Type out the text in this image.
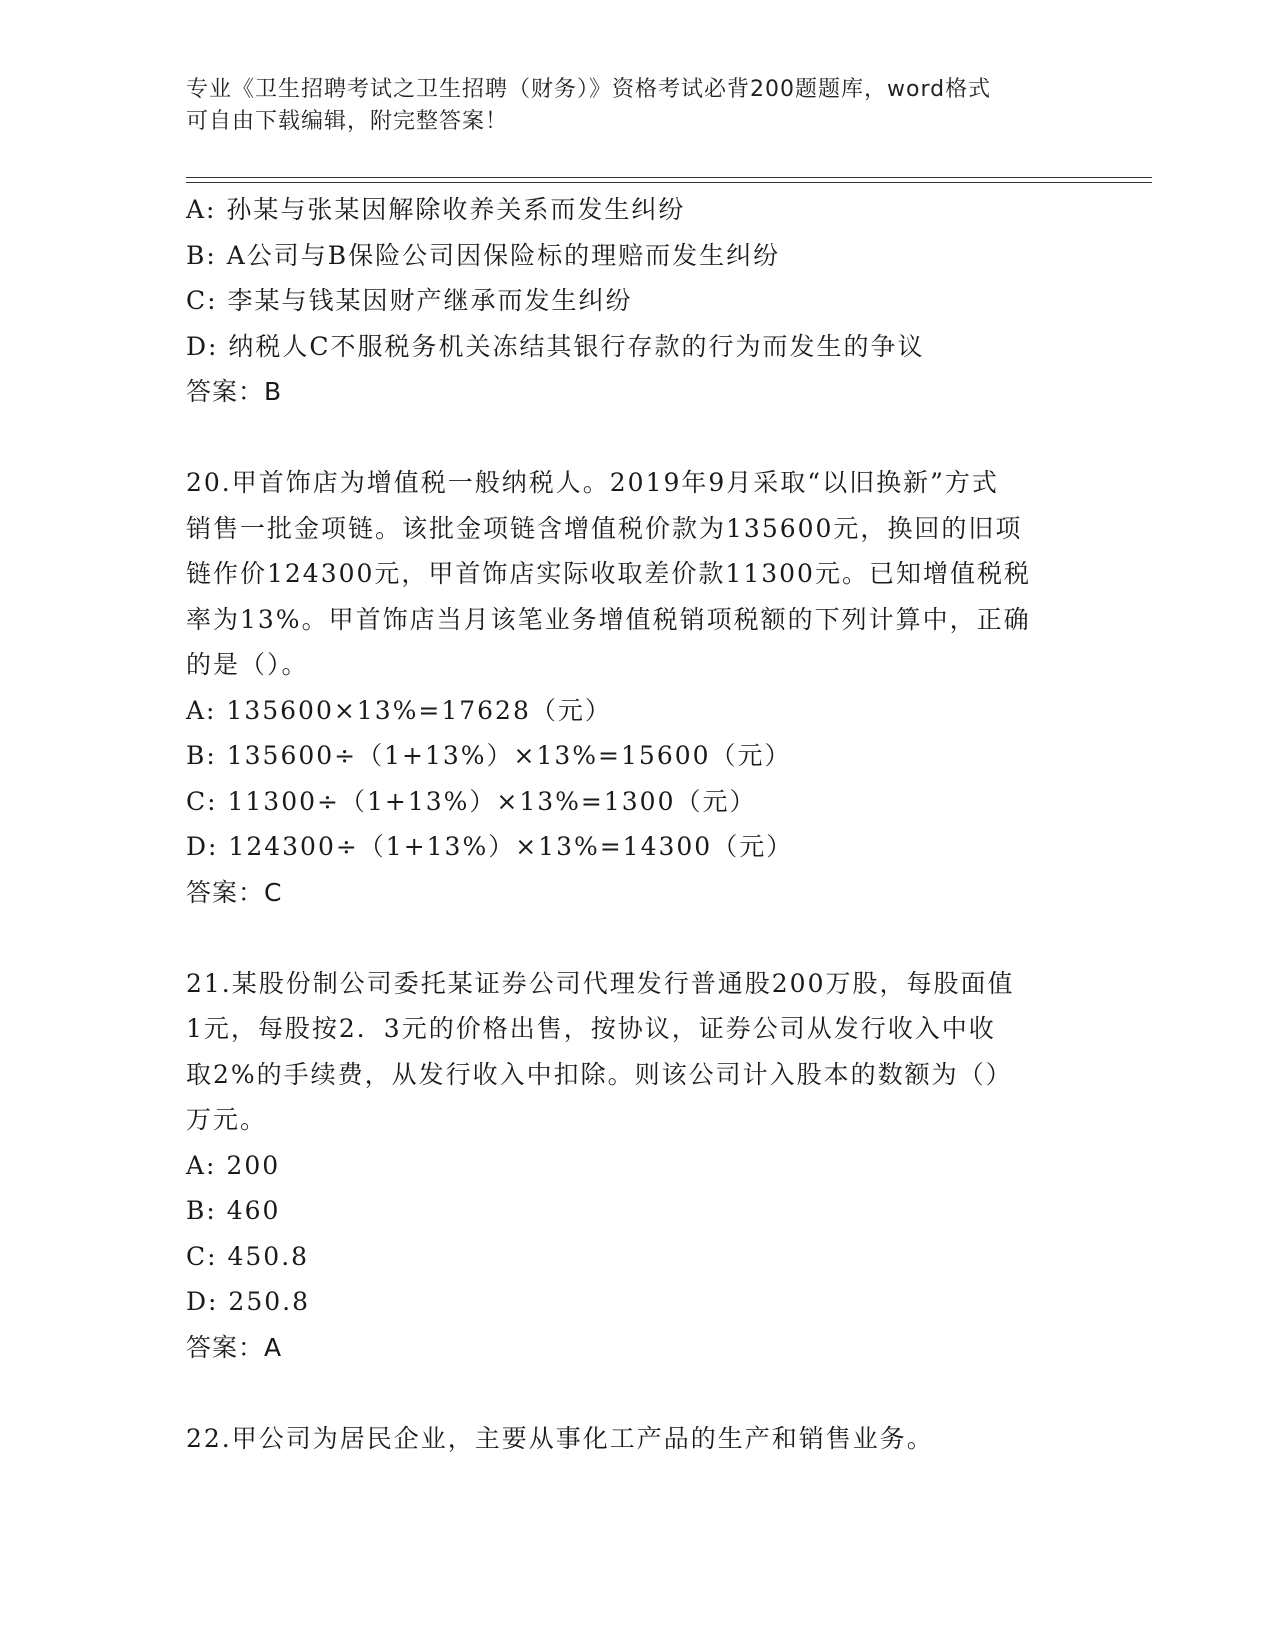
专业《卫生招聘考试之卫生招聘（财务）》资格考试必背200题题库，word格式
可自由下载编辑，附完整答案！
A: 孙某与张某因解除收养关系而发生纠纷
B: A公司与B保险公司因保险标的理赔而发生纠纷
C: 李某与钱某因财产继承而发生纠纷
D: 纳税人C不服税务机关冻结其银行存款的行为而发生的争议
答案：B
20.甲首饰店为增值税一般纳税人。2019年9月采取“以旧换新”方式
销售一批金项链。该批金项链含增值税价款为135600元，换回的旧项
链作价124300元，甲首饰店实际收取差价款11300元。已知增值税税
率为13%。甲首饰店当月该笔业务增值税销项税额的下列计算中，正确
的是（）。
A: 135600×13%=17628（元）
B: 135600÷（1+13%）×13%=15600（元）
C: 11300÷（1+13%）×13%=1300（元）
D: 124300÷（1+13%）×13%=14300（元）
答案：C
21.某股份制公司委托某证券公司代理发行普通股200万股，每股面值
1元，每股按2．3元的价格出售，按协议，证券公司从发行收入中收
取2%的手续费，从发行收入中扣除。则该公司计入股本的数额为（）
万元。
A: 200
B: 460
C: 450.8
D: 250.8
答案：A
22.甲公司为居民企业，主要从事化工产品的生产和销售业务。
